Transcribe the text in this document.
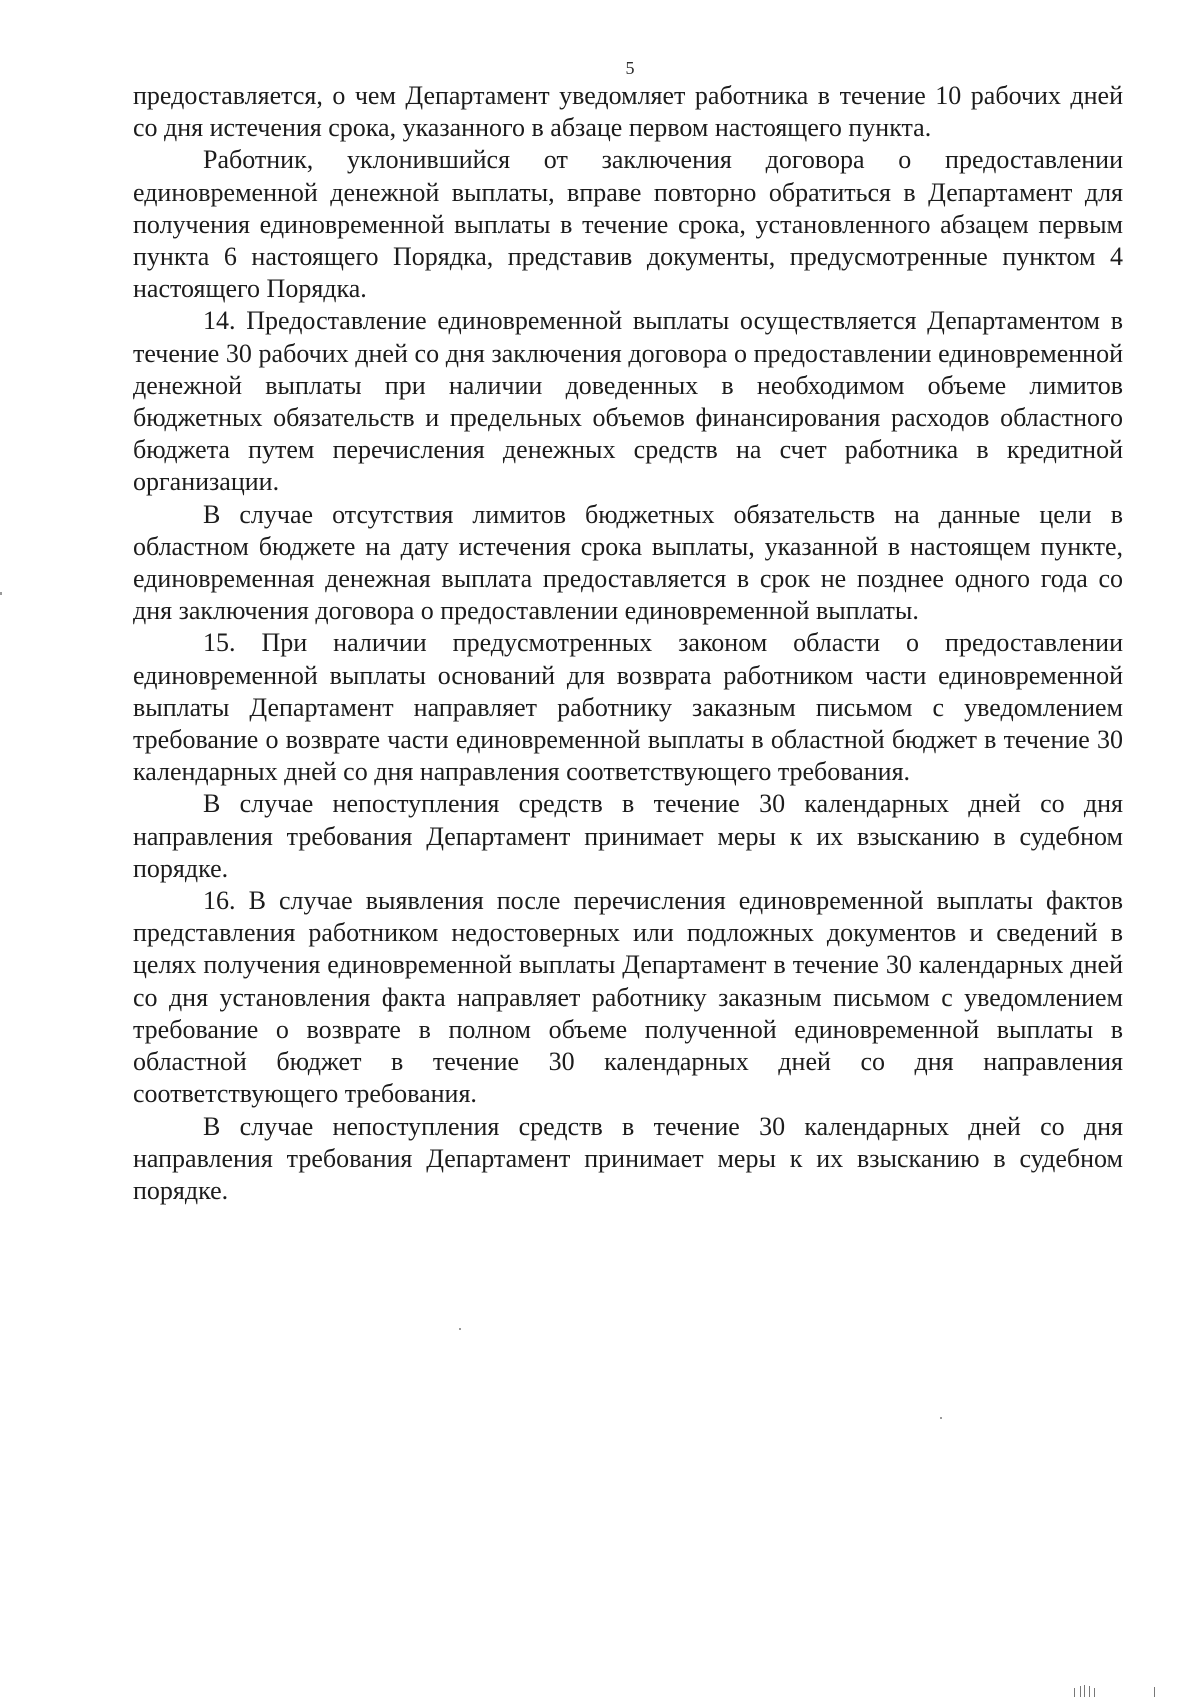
5

предоставляется, о чем Департамент уведомляет работника в течение 10 рабочих дней со дня истечения срока, указанного в абзаце первом настоящего пункта.

Работник, уклонившийся от заключения договора о предоставлении единовременной денежной выплаты, вправе повторно обратиться в Департамент для получения единовременной выплаты в течение срока, установленного абзацем первым пункта 6 настоящего Порядка, представив документы, предусмотренные пунктом 4 настоящего Порядка.

14. Предоставление единовременной выплаты осуществляется Департаментом в течение 30 рабочих дней со дня заключения договора о предоставлении единовременной денежной выплаты при наличии доведенных в необходимом объеме лимитов бюджетных обязательств и предельных объемов финансирования расходов областного бюджета путем перечисления денежных средств на счет работника в кредитной организации.

В случае отсутствия лимитов бюджетных обязательств на данные цели в областном бюджете на дату истечения срока выплаты, указанной в настоящем пункте, единовременная денежная выплата предоставляется в срок не позднее одного года со дня заключения договора о предоставлении единовременной выплаты.

15. При наличии предусмотренных законом области о предоставлении единовременной выплаты оснований для возврата работником части единовременной выплаты Департамент направляет работнику заказным письмом с уведомлением требование о возврате части единовременной выплаты в областной бюджет в течение 30 календарных дней со дня направления соответствующего требования.

В случае непоступления средств в течение 30 календарных дней со дня направления требования Департамент принимает меры к их взысканию в судебном порядке.

16. В случае выявления после перечисления единовременной выплаты фактов представления работником недостоверных или подложных документов и сведений в целях получения единовременной выплаты Департамент в течение 30 календарных дней со дня установления факта направляет работнику заказным письмом с уведомлением требование о возврате в полном объеме полученной единовременной выплаты в областной бюджет в течение 30 календарных дней со дня направления соответствующего требования.

В случае непоступления средств в течение 30 календарных дней со дня направления требования Департамент принимает меры к их взысканию в судебном порядке.
